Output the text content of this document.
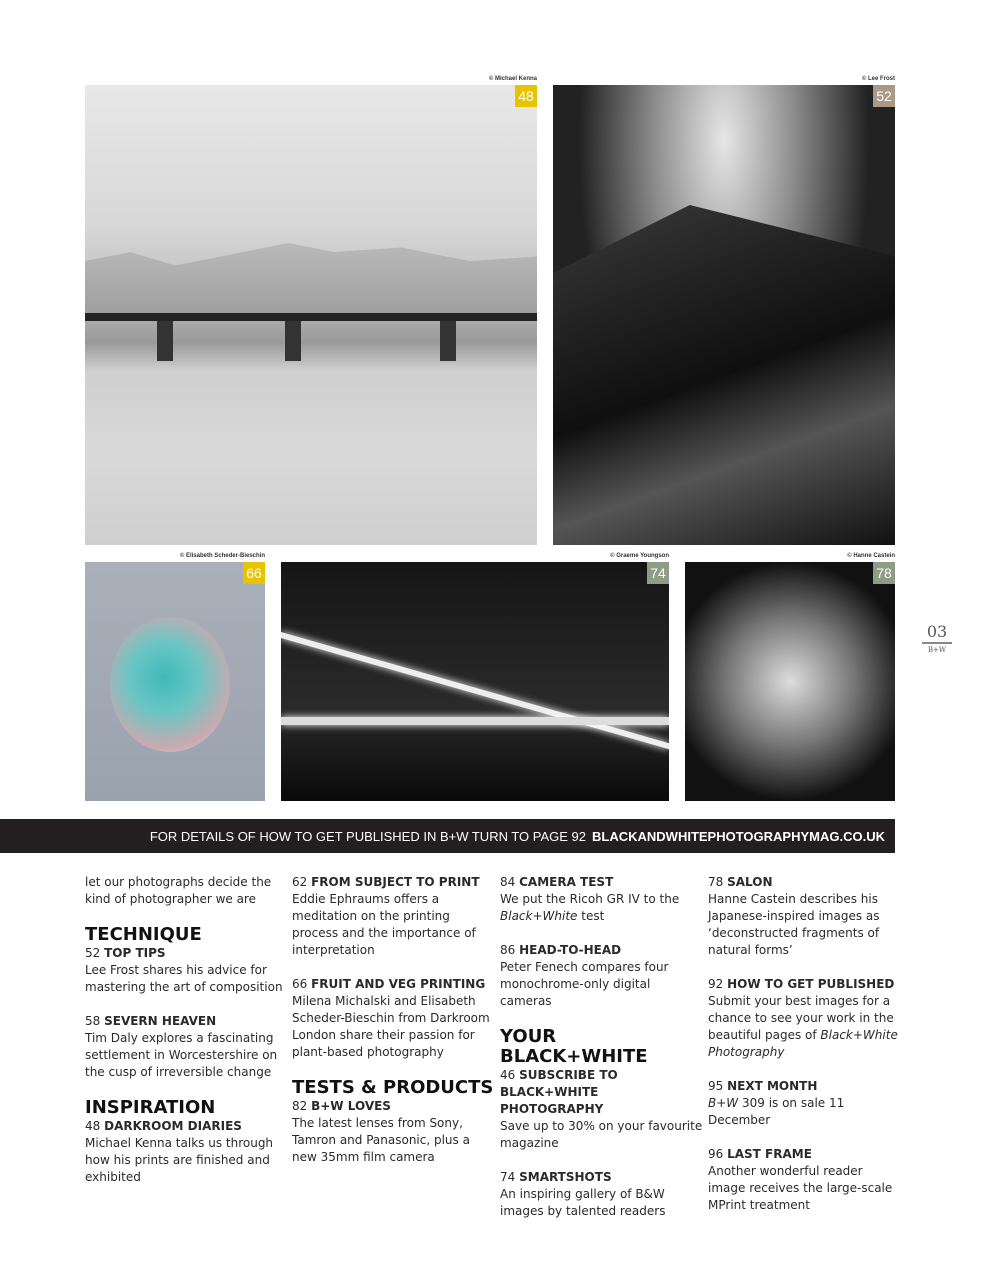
© Michael Kenna
48
© Lee Frost
52
© Elisabeth Scheder-Bieschin
66
© Graeme Youngson
74
© Hanne Castein
78
FOR DETAILS OF HOW TO GET PUBLISHED IN B+W TURN TO PAGE 92 BLACKANDWHITEPHOTOGRAPHYMAG.CO.UK
03
B+W
let our photographs decide the kind of photographer we are
TECHNIQUE
52 TOP TIPS
Lee Frost shares his advice for mastering the art of composition
58 SEVERN HEAVEN
Tim Daly explores a fascinating settlement in Worcestershire on the cusp of irreversible change
INSPIRATION
48 DARKROOM DIARIES
Michael Kenna talks us through how his prints are finished and exhibited
62 FROM SUBJECT TO PRINT
Eddie Ephraums offers a meditation on the printing process and the importance of interpretation
66 FRUIT AND VEG PRINTING
Milena Michalski and Elisabeth Scheder-Bieschin from Darkroom London share their passion for plant-based photography
TESTS & PRODUCTS
82 B+W LOVES
The latest lenses from Sony, Tamron and Panasonic, plus a new 35mm film camera
84 CAMERA TEST
We put the Ricoh GR IV to the Black+White test
86 HEAD-TO-HEAD
Peter Fenech compares four monochrome-only digital cameras
YOUR BLACK+WHITE
46 SUBSCRIBE TO BLACK+WHITE PHOTOGRAPHY
Save up to 30% on your favourite magazine
74 SMARTSHOTS
An inspiring gallery of B&W images by talented readers
78 SALON
Hanne Castein describes his Japanese-inspired images as ‘deconstructed fragments of natural forms’
92 HOW TO GET PUBLISHED
Submit your best images for a chance to see your work in the beautiful pages of Black+White Photography
95 NEXT MONTH
B+W 309 is on sale 11 December
96 LAST FRAME
Another wonderful reader image receives the large-scale MPrint treatment
